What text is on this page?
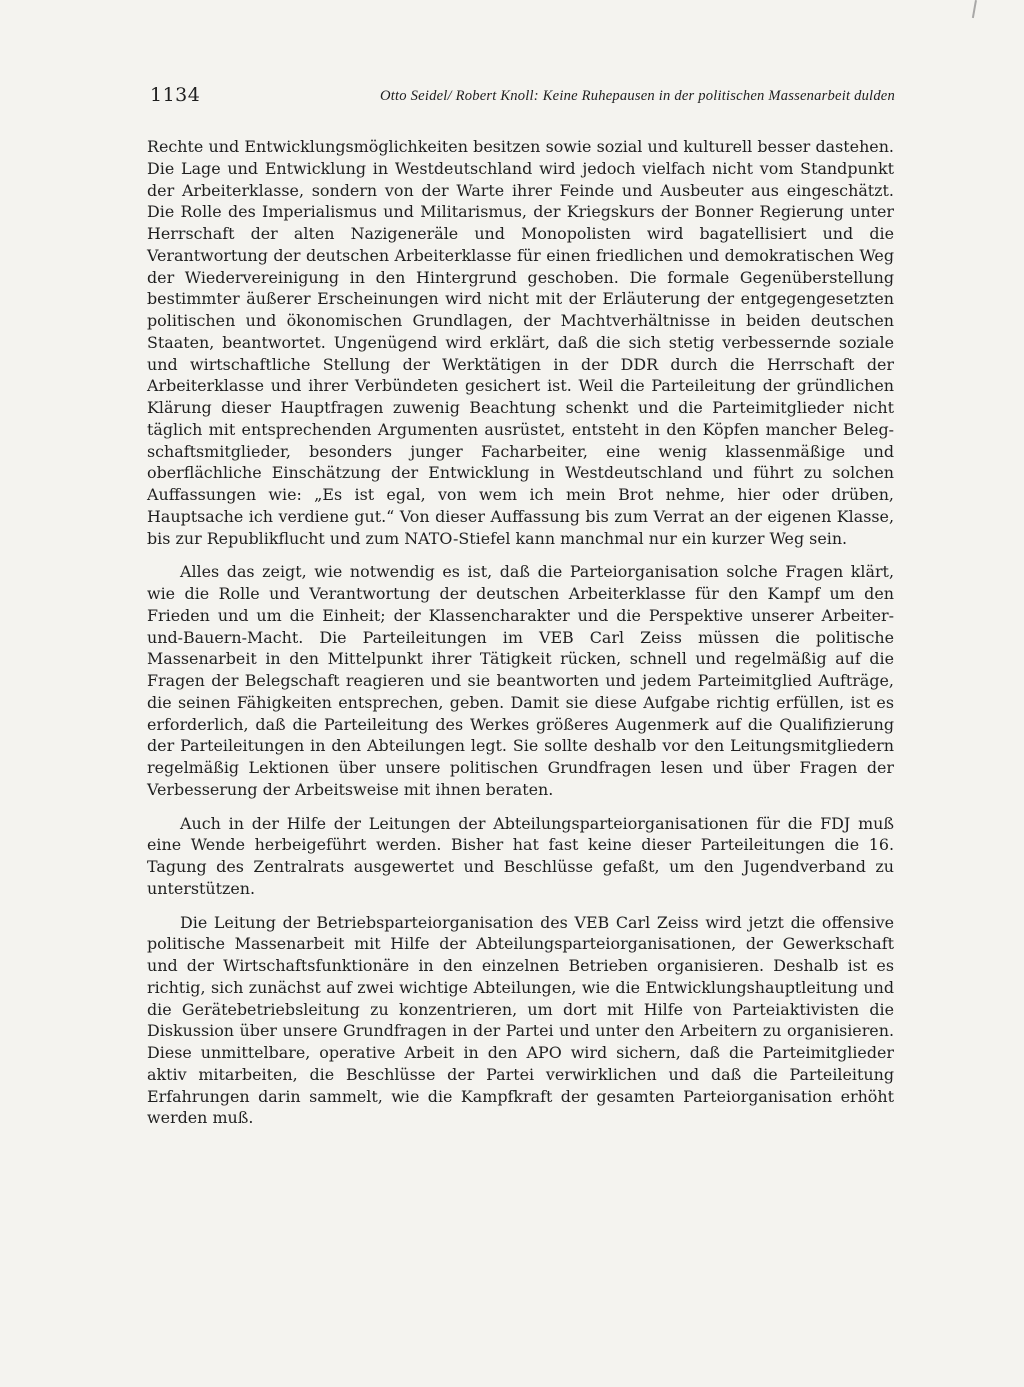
1134	Otto Seidel/ Robert Knoll: Keine Ruhepausen in der politischen Massenarbeit dulden

Rechte und Entwicklungsmöglichkeiten besitzen sowie sozial und kulturell besser dastehen. Die Lage und Entwicklung in Westdeutschland wird jedoch vielfach nicht vom Standpunkt der Arbeiterklasse, sondern von der Warte ihrer Feinde und Ausbeuter aus eingeschätzt. Die Rolle des Imperialismus und Militarismus, der Kriegskurs der Bonner Regierung unter Herrschaft der alten Nazigeneräle und Monopolisten wird bagatellisiert und die Verantwortung der deutschen Arbeiterklasse für einen friedlichen und demokratischen Weg der Wiedervereinigung in den Hintergrund geschoben. Die formale Gegenüberstellung bestimmter äußerer Erscheinungen wird nicht mit der Erläuterung der entgegengesetzten politischen und ökonomischen Grundlagen, der Machtverhältnisse in beiden deutschen Staaten, beantwortet. Ungenügend wird erklärt, daß die sich stetig verbessernde soziale und wirtschaftliche Stellung der Werktätigen in der DDR durch die Herrschaft der Arbeiterklasse und ihrer Verbündeten gesichert ist. Weil die Parteileitung der gründlichen Klärung dieser Hauptfragen zuwenig Beachtung schenkt und die Parteimitglieder nicht täglich mit entsprechenden Argumenten ausrüstet, entsteht in den Köpfen mancher Belegschaftsmitglieder, besonders junger Facharbeiter, eine wenig klassenmäßige und oberflächliche Einschätzung der Entwicklung in Westdeutschland und führt zu solchen Auffassungen wie: „Es ist egal, von wem ich mein Brot nehme, hier oder drüben, Hauptsache ich verdiene gut.“ Von dieser Auffassung bis zum Verrat an der eigenen Klasse, bis zur Republikflucht und zum NATO-Stiefel kann manchmal nur ein kurzer Weg sein.

Alles das zeigt, wie notwendig es ist, daß die Parteiorganisation solche Fragen klärt, wie die Rolle und Verantwortung der deutschen Arbeiterklasse für den Kampf um den Frieden und um die Einheit; der Klassencharakter und die Perspektive unserer Arbeiter-und-Bauern-Macht. Die Parteileitungen im VEB Carl Zeiss müssen die politische Massenarbeit in den Mittelpunkt ihrer Tätigkeit rücken, schnell und regelmäßig auf die Fragen der Belegschaft reagieren und sie beantworten und jedem Parteimitglied Aufträge, die seinen Fähigkeiten entsprechen, geben. Damit sie diese Aufgabe richtig erfüllen, ist es erforderlich, daß die Parteileitung des Werkes größeres Augenmerk auf die Qualifizierung der Parteileitungen in den Abteilungen legt. Sie sollte deshalb vor den Leitungsmitgliedern regelmäßig Lektionen über unsere politischen Grundfragen lesen und über Fragen der Verbesserung der Arbeitsweise mit ihnen beraten.

Auch in der Hilfe der Leitungen der Abteilungsparteiorganisationen für die FDJ muß eine Wende herbeigeführt werden. Bisher hat fast keine dieser Parteileitungen die 16. Tagung des Zentralrats ausgewertet und Beschlüsse gefaßt, um den Jugendverband zu unterstützen.

Die Leitung der Betriebsparteiorganisation des VEB Carl Zeiss wird jetzt die offensive politische Massenarbeit mit Hilfe der Abteilungsparteiorganisationen, der Gewerkschaft und der Wirtschaftsfunktionäre in den einzelnen Betrieben organisieren. Deshalb ist es richtig, sich zunächst auf zwei wichtige Abteilungen, wie die Entwicklungshauptleitung und die Gerätebetriebsleitung zu konzentrieren, um dort mit Hilfe von Parteiaktivisten die Diskussion über unsere Grundfragen in der Partei und unter den Arbeitern zu organisieren. Diese unmittelbare, operative Arbeit in den APO wird sichern, daß die Parteimitglieder aktiv mitarbeiten, die Beschlüsse der Partei verwirklichen und daß die Parteileitung Erfahrungen darin sammelt, wie die Kampfkraft der gesamten Parteiorganisation erhöht werden muß.
